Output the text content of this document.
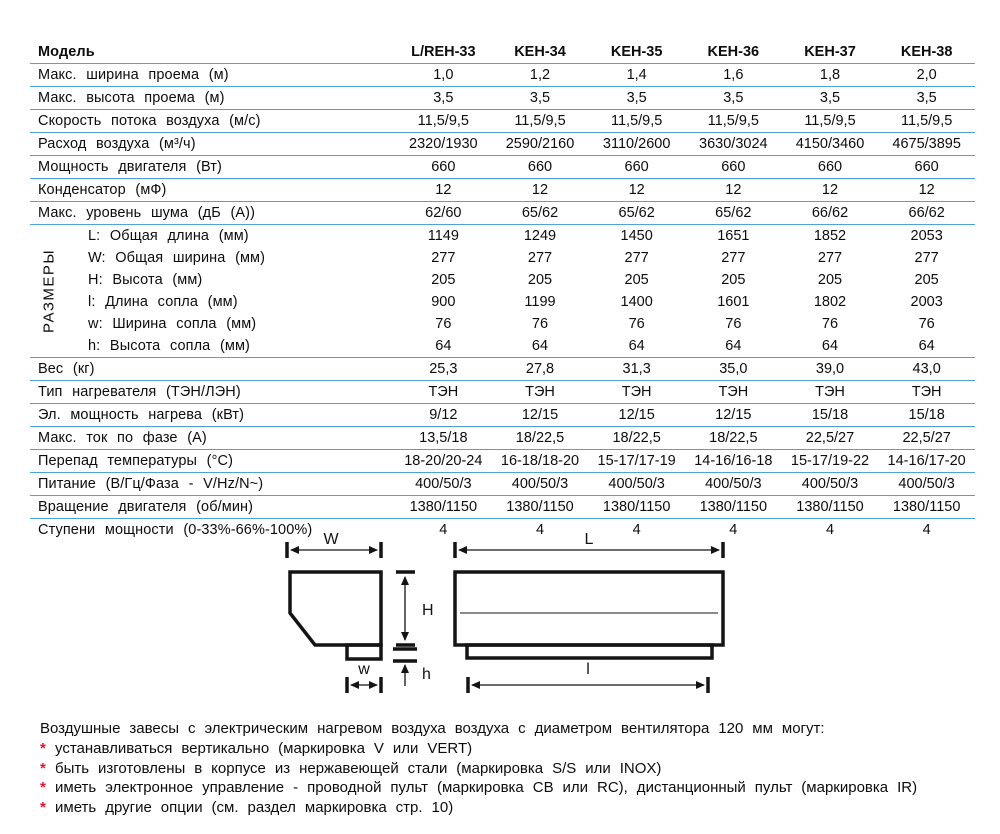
Модель	L/REH-33	KEH-34	KEH-35	KEH-36	KEH-37	KEH-38
Макс. ширина проема (м)	1,0	1,2	1,4	1,6	1,8	2,0
Макс. высота проема (м)	3,5	3,5	3,5	3,5	3,5	3,5
Скорость потока воздуха (м/с)	11,5/9,5	11,5/9,5	11,5/9,5	11,5/9,5	11,5/9,5	11,5/9,5
Расход воздуха (м³/ч)	2320/1930	2590/2160	3110/2600	3630/3024	4150/3460	4675/3895
Мощность двигателя (Вт)	660	660	660	660	660	660
Конденсатор (мФ)	12	12	12	12	12	12
Макс. уровень шума (дБ (А))	62/60	65/62	65/62	65/62	66/62	66/62
РАЗМЕРЫ
L: Общая длина (мм)	1149	1249	1450	1651	1852	2053
W: Общая ширина (мм)	277	277	277	277	277	277
H: Высота (мм)	205	205	205	205	205	205
l: Длина сопла (мм)	900	1199	1400	1601	1802	2003
w: Ширина сопла (мм)	76	76	76	76	76	76
h: Высота сопла (мм)	64	64	64	64	64	64
Вес (кг)	25,3	27,8	31,3	35,0	39,0	43,0
Тип нагревателя (ТЭН/ЛЭН)	ТЭН	ТЭН	ТЭН	ТЭН	ТЭН	ТЭН
Эл. мощность нагрева (кВт)	9/12	12/15	12/15	12/15	15/18	15/18
Макс. ток по фазе (А)	13,5/18	18/22,5	18/22,5	18/22,5	22,5/27	22,5/27
Перепад температуры (°С)	18-20/20-24	16-18/18-20	15-17/17-19	14-16/16-18	15-17/19-22	14-16/17-20
Питание (В/Гц/Фаза - V/Hz/N~)	400/50/3	400/50/3	400/50/3	400/50/3	400/50/3	400/50/3
Вращение двигателя (об/мин)	1380/1150	1380/1150	1380/1150	1380/1150	1380/1150	1380/1150
Ступени мощности (0-33%-66%-100%)	4	4	4	4	4	4
W
H
h
w
L
l

Воздушные завесы с электрическим нагревом воздуха воздуха с диаметром вентилятора 120 мм могут:

* устанавливаться вертикально (маркировка V или VERT)
* быть изготовлены в корпусе из нержавеющей стали (маркировка S/S или INOX)
* иметь электронное управление - проводной пульт (маркировка СВ или RC), дистанционный пульт (маркировка IR)
* иметь другие опции (см. раздел маркировка стр. 10)
